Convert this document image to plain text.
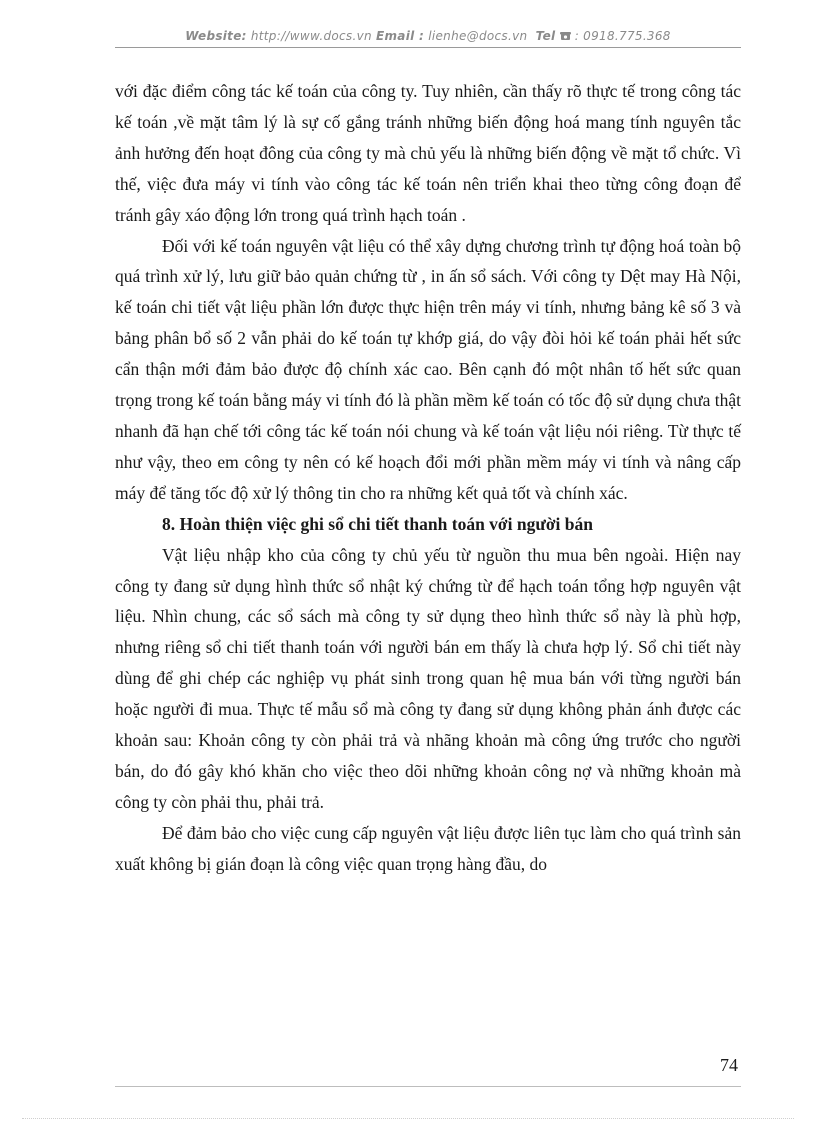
Website: http://www.docs.vn Email : lienhe@docs.vn Tel : 0918.775.368

với đặc điểm công tác kế toán của công ty. Tuy nhiên, cần thấy rõ thực tế trong công tác kế toán ,về mặt tâm lý là sự cố gắng tránh những biến động hoá mang tính nguyên tắc ảnh hưởng đến hoạt đông của công ty mà chủ yếu là những biến động về mặt tổ chức. Vì thế, việc đưa máy vi tính vào công tác kế toán nên triển khai theo từng công đoạn để tránh gây xáo động lớn trong quá trình hạch toán .

Đối với kế toán nguyên vật liệu có thể xây dựng chương trình tự động hoá toàn bộ quá trình xử lý, lưu giữ bảo quản chứng từ , in ấn sổ sách. Với công ty Dệt may Hà Nội, kế toán chi tiết vật liệu phần lớn được thực hiện trên máy vi tính, nhưng bảng kê số 3 và bảng phân bổ số 2 vẫn phải do kế toán tự khớp giá, do vậy đòi hỏi kế toán phải hết sức cẩn thận mới đảm bảo được độ chính xác cao. Bên cạnh đó một nhân tố hết sức quan trọng trong kế toán bằng máy vi tính đó là phần mềm kế toán có tốc độ sử dụng chưa thật nhanh đã hạn chế tới công tác kế toán nói chung và kế toán vật liệu nói riêng. Từ thực tế như vậy, theo em công ty nên có kế hoạch đổi mới phần mềm máy vi tính và nâng cấp máy để tăng tốc độ xử lý thông tin cho ra những kết quả tốt và chính xác.

8. Hoàn thiện việc ghi sổ chi tiết thanh toán với người bán

Vật liệu nhập kho của công ty chủ yếu từ nguồn thu mua bên ngoài. Hiện nay công ty đang sử dụng hình thức sổ nhật ký chứng từ để hạch toán tổng hợp nguyên vật liệu. Nhìn chung, các sổ sách mà công ty sử dụng theo hình thức sổ này là phù hợp, nhưng riêng sổ chi tiết thanh toán với người bán em thấy là chưa hợp lý. Sổ chi tiết này dùng để ghi chép các nghiệp vụ phát sinh trong quan hệ mua bán với từng người bán hoặc người đi mua. Thực tế mẫu sổ mà công ty đang sử dụng không phản ánh được các khoản sau: Khoản công ty còn phải trả và nhãng khoản mà công ứng trước cho người bán, do đó gây khó khăn cho việc theo dõi những khoản công nợ và những khoản mà công ty còn phải thu, phải trả.

Để đảm bảo cho việc cung cấp nguyên vật liệu được liên tục làm cho quá trình sản xuất không bị gián đoạn là công việc quan trọng hàng đầu, do

74
